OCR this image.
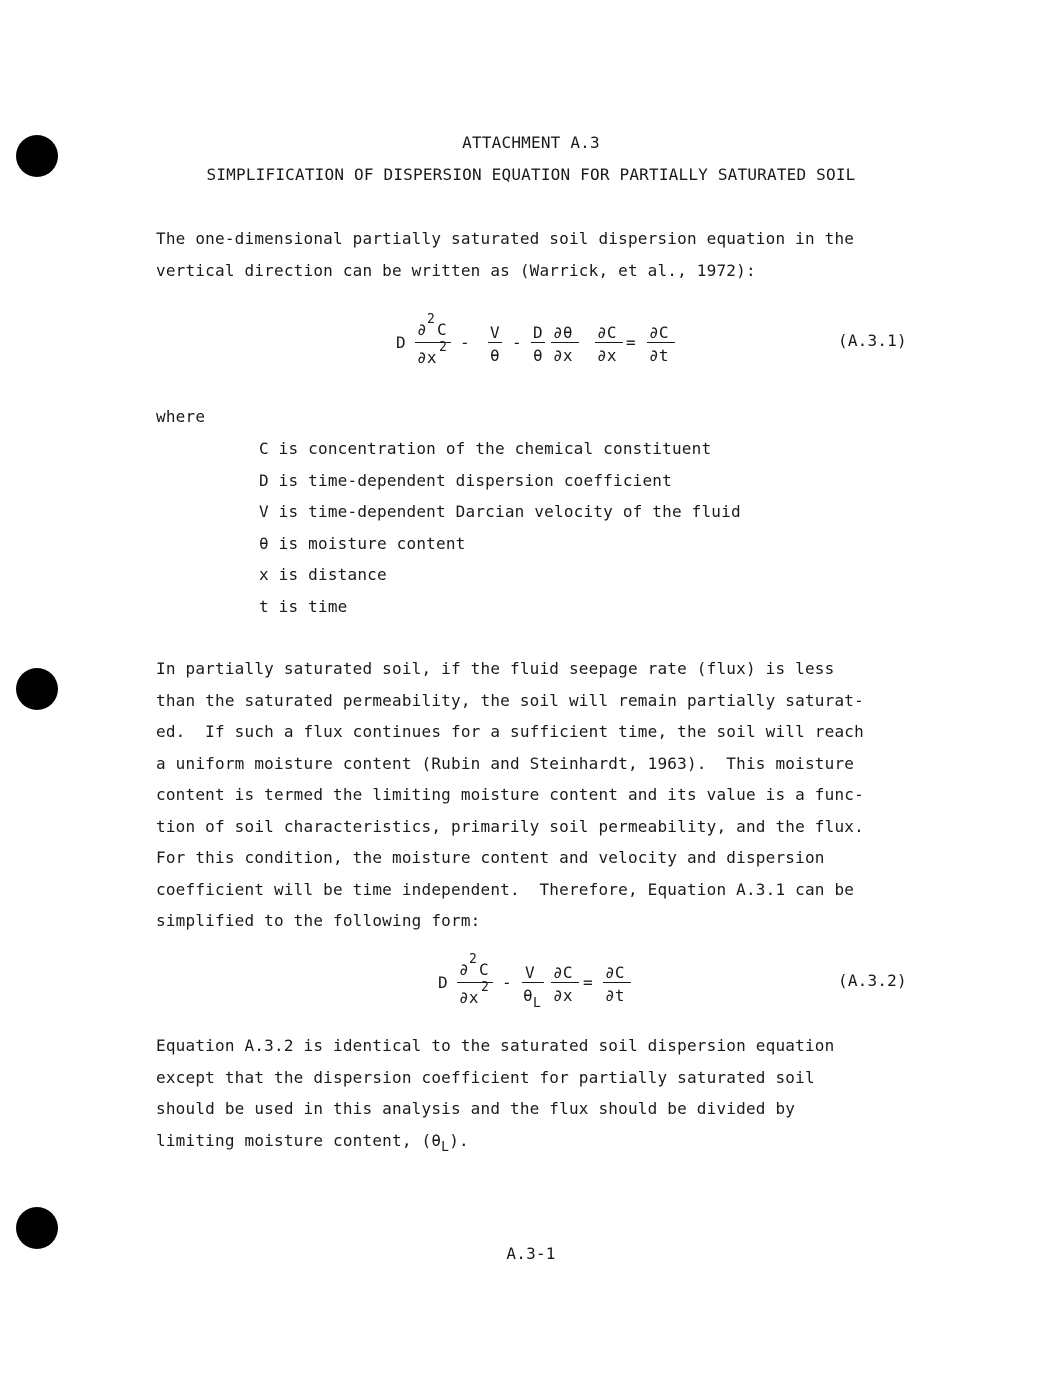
ATTACHMENT A.3
SIMPLIFICATION OF DISPERSION EQUATION FOR PARTIALLY SATURATED SOIL
The one-dimensional partially saturated soil dispersion equation in the
vertical direction can be written as (Warrick, et al., 1972):
D
∂
2
C
∂x
2 -
V
θ
-
D
θ
∂θ
∂x
∂C
∂x
=
∂C
∂t
(A.3.1)
where
C is concentration of the chemical constituent
D is time-dependent dispersion coefficient
V is time-dependent Darcian velocity of the fluid
θ is moisture content
x is distance
t is time
In partially saturated soil, if the fluid seepage rate (flux) is less
than the saturated permeability, the soil will remain partially saturat-
ed.  If such a flux continues for a sufficient time, the soil will reach
a uniform moisture content (Rubin and Steinhardt, 1963).  This moisture
content is termed the limiting moisture content and its value is a func-
tion of soil characteristics, primarily soil permeability, and the flux.
For this condition, the moisture content and velocity and dispersion
coefficient will be time independent.  Therefore, Equation A.3.1 can be
simplified to the following form:
D
∂
2
C
∂x
2 -
V
θ L
∂C
∂x
=
∂C
∂t
(A.3.2)
Equation A.3.2 is identical to the saturated soil dispersion equation
except that the dispersion coefficient for partially saturated soil
should be used in this analysis and the flux should be divided by
limiting moisture content, $(\theta_L)$.
A.3-1
